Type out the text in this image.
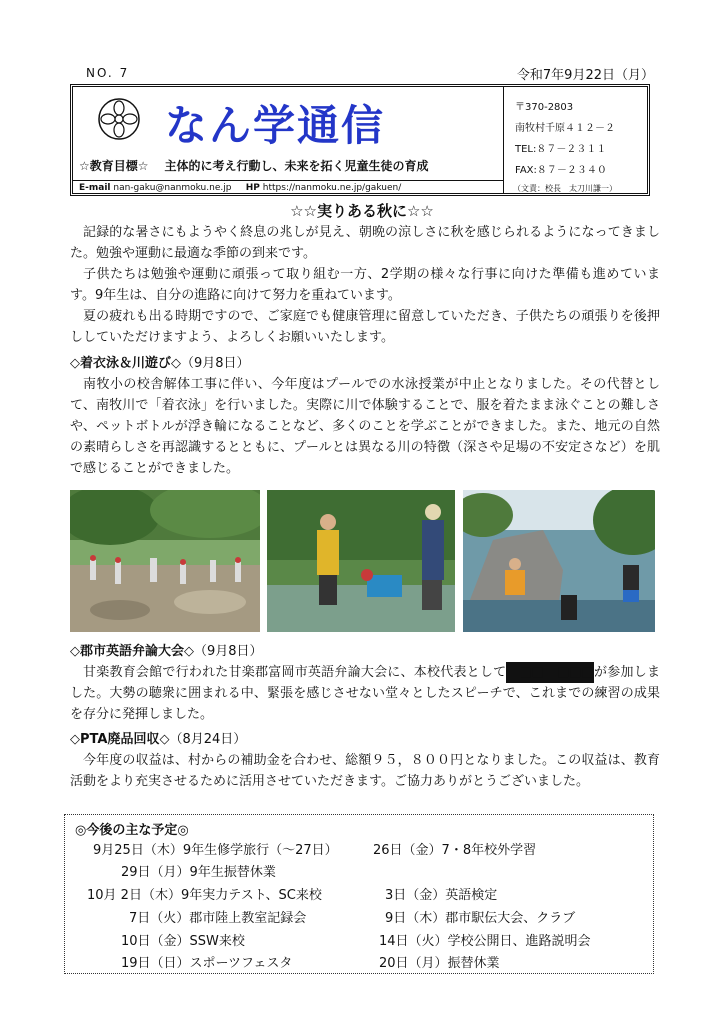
NO. 7	令和7年9月22日（月）
なん学通信
☆教育目標☆ 主体的に考え行動し、未来を拓く児童生徒の育成
E-mail nan-gaku@nanmoku.ne.jp HP https://nanmoku.ne.jp/gakuen/
〒370-2803
南牧村千原４１２－２
TEL:８７－２３１１
FAX:８７－２３４０
（文責：校長　太刀川謙一）
☆☆実りある秋に☆☆
記録的な暑さにもようやく終息の兆しが見え、朝晩の涼しさに秋を感じられるようになってきました。勉強や運動に最適な季節の到来です。
子供たちは勉強や運動に頑張って取り組む一方、2学期の様々な行事に向けた準備も進めています。9年生は、自分の進路に向けて努力を重ねています。
夏の疲れも出る時期ですので、ご家庭でも健康管理に留意していただき、子供たちの頑張りを後押ししていただけますよう、よろしくお願いいたします。
◇着衣泳＆川遊び◇（9月8日）
南牧小の校舎解体工事に伴い、今年度はプールでの水泳授業が中止となりました。その代替として、南牧川で「着衣泳」を行いました。実際に川で体験することで、服を着たまま泳ぐことの難しさや、ペットボトルが浮き輪になることなど、多くのことを学ぶことができました。また、地元の自然の素晴らしさを再認識するとともに、プールとは異なる川の特徴（深さや足場の不安定さなど）を肌で感じることができました。
◇郡市英語弁論大会◇（9月8日）
甘楽教育会館で行われた甘楽郡富岡市英語弁論大会に、本校代表として ■■ ■■■が参加しました。大勢の聴衆に囲まれる中、緊張を感じさせない堂々としたスピーチで、これまでの練習の成果を存分に発揮しました。
◇PTA廃品回収◇（8月24日）
今年度の収益は、村からの補助金を合わせ、総額９５，８００円となりました。この収益は、教育活動をより充実させるために活用させていただきます。ご協力ありがとうございました。
◎今後の主な予定◎
9月25日（木）9年生修学旅行（～27日）	26日（金）7・8年校外学習
29日（月）9年生振替休業
10月 2日（木）9年実力テスト、SC来校	3日（金）英語検定
7日（火）郡市陸上教室記録会	9日（木）郡市駅伝大会、クラブ
10日（金）SSW来校	14日（火）学校公開日、進路説明会
19日（日）スポーツフェスタ	20日（月）振替休業
